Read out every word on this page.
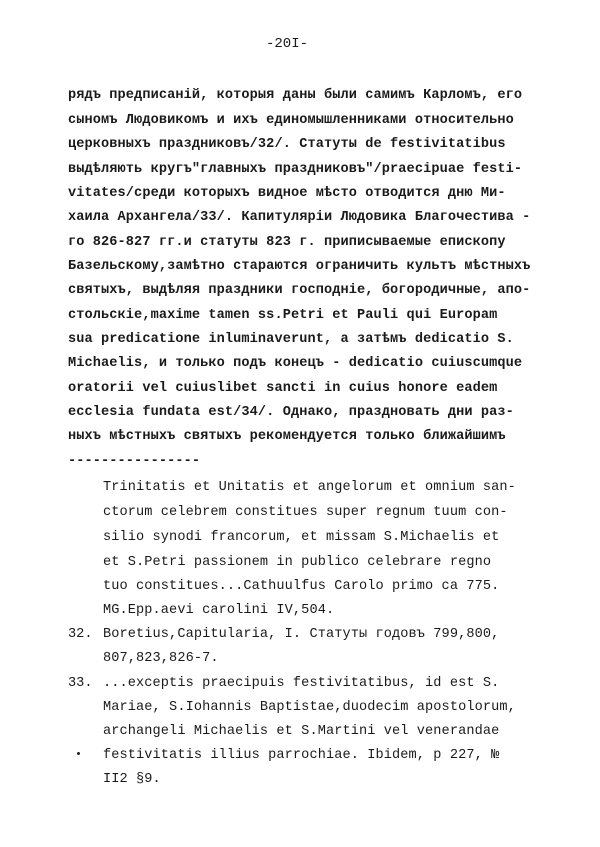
-20I-
рядъ предписанiй, которыя даны были самимъ Карломъ, его
сыномъ Людовикомъ и ихъ единомышленниками относительно
церковныхъ праздниковъ/32/. Статуты de festivitatibus
выдѣляють кругъ"главныхъ праздниковъ"/praecipuae festi-
vitates/среди которыхъ видное мѣсто отводится дню Ми-
хаила Архангела/33/. Капитулярiи Людовика Благочестива -
го 826-827 гг.и статуты 823 г. приписываемые епископу
Базельскому,замѣтно стараются ограничить культъ мѣстныхъ
святыхъ, выдѣляя праздники господнiе, богородичные, апо-
стольскiе,maxime tamen ss.Petri et Pauli qui Europam
sua predicatione inluminaverunt, а затѣмъ dedicatio S.
Michaelis, и только подъ конецъ - dedicatio cuiuscumque
oratorii vel cuiuslibet sancti in cuius honore eadem
ecclesia fundata est/34/. Однако, праздновать дни раз-
ныхъ мѣстныхъ святыхъ рекомендуется только ближайшимъ
----------------
Trinitatis et Unitatis et angelorum et omnium san-
ctorum celebrem constitues super regnum tuum con-
silio synodi francorum, et missam S.Michaelis et
et S.Petri passionem in publico celebrare regno
tuo constitues...Cathuulfus Carolo primo ca 775.
MG.Epp.aevi carolini IV,504.
32. Boretius,Capitularia, I. Статуты годовъ 799,800,
807,823,826-7.
33. ...exceptis praecipuis festivitatibus, id est S.
Mariae, S.Iohannis Baptistae,duodecim apostolorum,
archangeli Michaelis et S.Martini vel venerandae
festivitatis illius parrochiae. Ibidem, p 227, №
II2 §9.
